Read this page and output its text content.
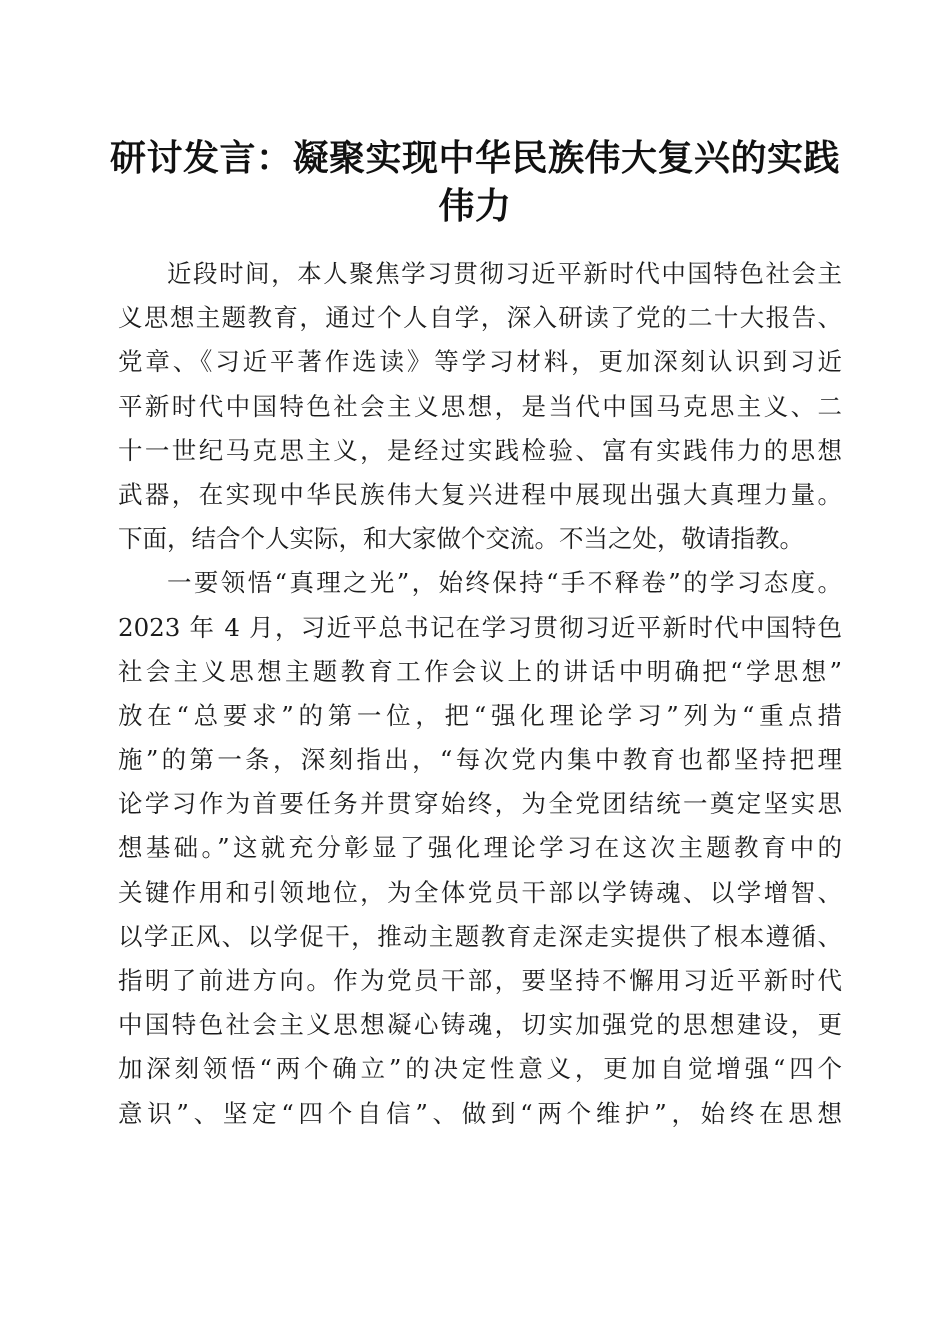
研讨发言：凝聚实现中华民族伟大复兴的实践
伟力
近段时间，本人聚焦学习贯彻习近平新时代中国特色社会主
义思想主题教育，通过个人自学，深入研读了党的二十大报告、
党章、《习近平著作选读》等学习材料，更加深刻认识到习近
平新时代中国特色社会主义思想，是当代中国马克思主义、二
十一世纪马克思主义，是经过实践检验、富有实践伟力的思想
武器，在实现中华民族伟大复兴进程中展现出强大真理力量。
下面，结合个人实际，和大家做个交流。不当之处，敬请指教。
一要领悟“真理之光”，始终保持“手不释卷”的学习态度。
2023 年 4 月，习近平总书记在学习贯彻习近平新时代中国特色
社会主义思想主题教育工作会议上的讲话中明确把“学思想”
放在“总要求”的第一位，把“强化理论学习”列为“重点措
施”的第一条，深刻指出，“每次党内集中教育也都坚持把理
论学习作为首要任务并贯穿始终，为全党团结统一奠定坚实思
想基础。”这就充分彰显了强化理论学习在这次主题教育中的
关键作用和引领地位，为全体党员干部以学铸魂、以学增智、
以学正风、以学促干，推动主题教育走深走实提供了根本遵循、
指明了前进方向。作为党员干部，要坚持不懈用习近平新时代
中国特色社会主义思想凝心铸魂，切实加强党的思想建设，更
加深刻领悟“两个确立”的决定性意义，更加自觉增强“四个
意识”、坚定“四个自信”、做到“两个维护”，始终在思想
